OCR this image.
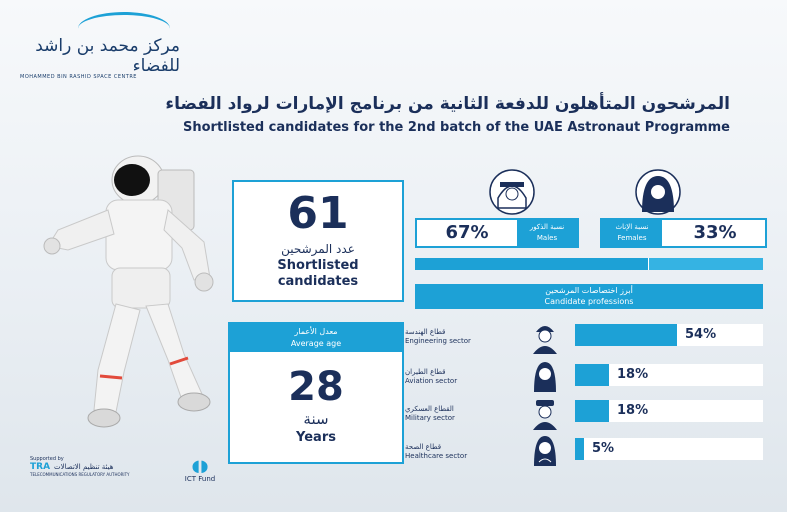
مركز محمد بن راشد للفضاء
MOHAMMED BIN RASHID SPACE CENTRE
المرشحون المتأهلون للدفعة الثانية من برنامج الإمارات لرواد الفضاء
Shortlisted candidates for the 2nd batch of the UAE Astronaut Programme
61
عدد المرشحين
Shortlisted
candidates
معدل الأعمار
Average age
28
سنة
Years
67%	نسبة الذكور
Males	33%
نسبة الإناث
Females
أبرز اختصاصات المرشحين
Candidate professions
قطاع الهندسة
Engineering sector	54%
قطاع الطيران
Aviation sector	18%
القطاع العسكري
Military sector	18%
قطاع الصحة
Healthcare sector	5%
Supported by
TRA هيئة تنظيم الاتصالات
TELECOMMUNICATIONS REGULATORY AUTHORITY	◖◗
ICT Fund
